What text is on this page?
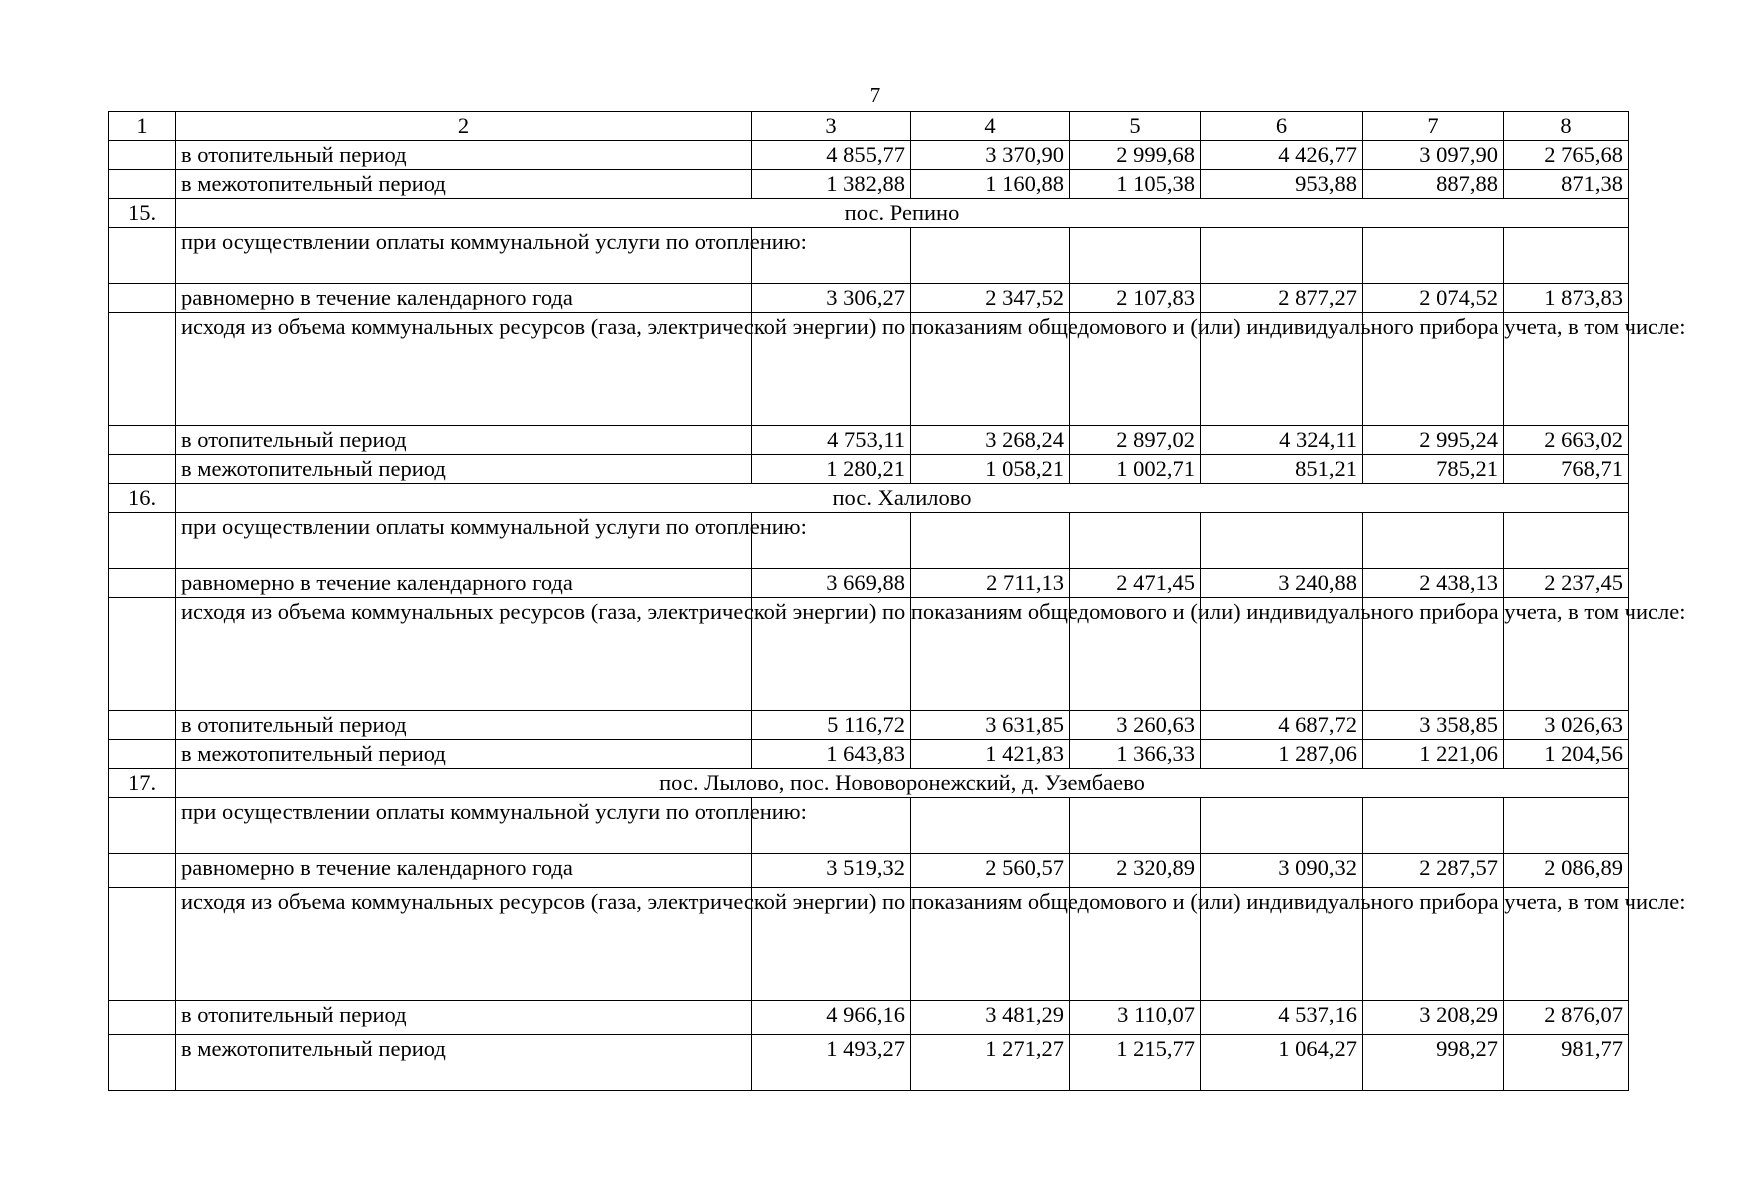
7
1	2	3	4	5	6	7	8
	в отопительный период	4 855,77	3 370,90	2 999,68	4 426,77	3 097,90	2 765,68
	в межотопительный период	1 382,88	1 160,88	1 105,38	953,88	887,88	871,38
15.	пос. Репино						
	при осуществлении оплаты коммунальной услуги по отоплению:						
	равномерно в течение календарного года	3 306,27	2 347,52	2 107,83	2 877,27	2 074,52	1 873,83
	исходя из объема коммунальных ресурсов (газа, электрической энергии) по показаниям общедомового и (или) индивидуального прибора учета, в том числе:						
	в отопительный период	4 753,11	3 268,24	2 897,02	4 324,11	2 995,24	2 663,02
	в межотопительный период	1 280,21	1 058,21	1 002,71	851,21	785,21	768,71
16.	пос. Халилово						
	при осуществлении оплаты коммунальной услуги по отоплению:						
	равномерно в течение календарного года	3 669,88	2 711,13	2 471,45	3 240,88	2 438,13	2 237,45
	исходя из объема коммунальных ресурсов (газа, электрической энергии) по показаниям общедомового и (или) индивидуального прибора учета, в том числе:						
	в отопительный период	5 116,72	3 631,85	3 260,63	4 687,72	3 358,85	3 026,63
	в межотопительный период	1 643,83	1 421,83	1 366,33	1 287,06	1 221,06	1 204,56
17.	пос. Лылово, пос. Нововоронежский, д. Узембаево						
	при осуществлении оплаты коммунальной услуги по отоплению:						
	равномерно в течение календарного года	3 519,32	2 560,57	2 320,89	3 090,32	2 287,57	2 086,89
	исходя из объема коммунальных ресурсов (газа, электрической энергии) по показаниям общедомового и (или) индивидуального прибора учета, в том числе:						
	в отопительный период	4 966,16	3 481,29	3 110,07	4 537,16	3 208,29	2 876,07
	в межотопительный период	1 493,27	1 271,27	1 215,77	1 064,27	998,27	981,77
